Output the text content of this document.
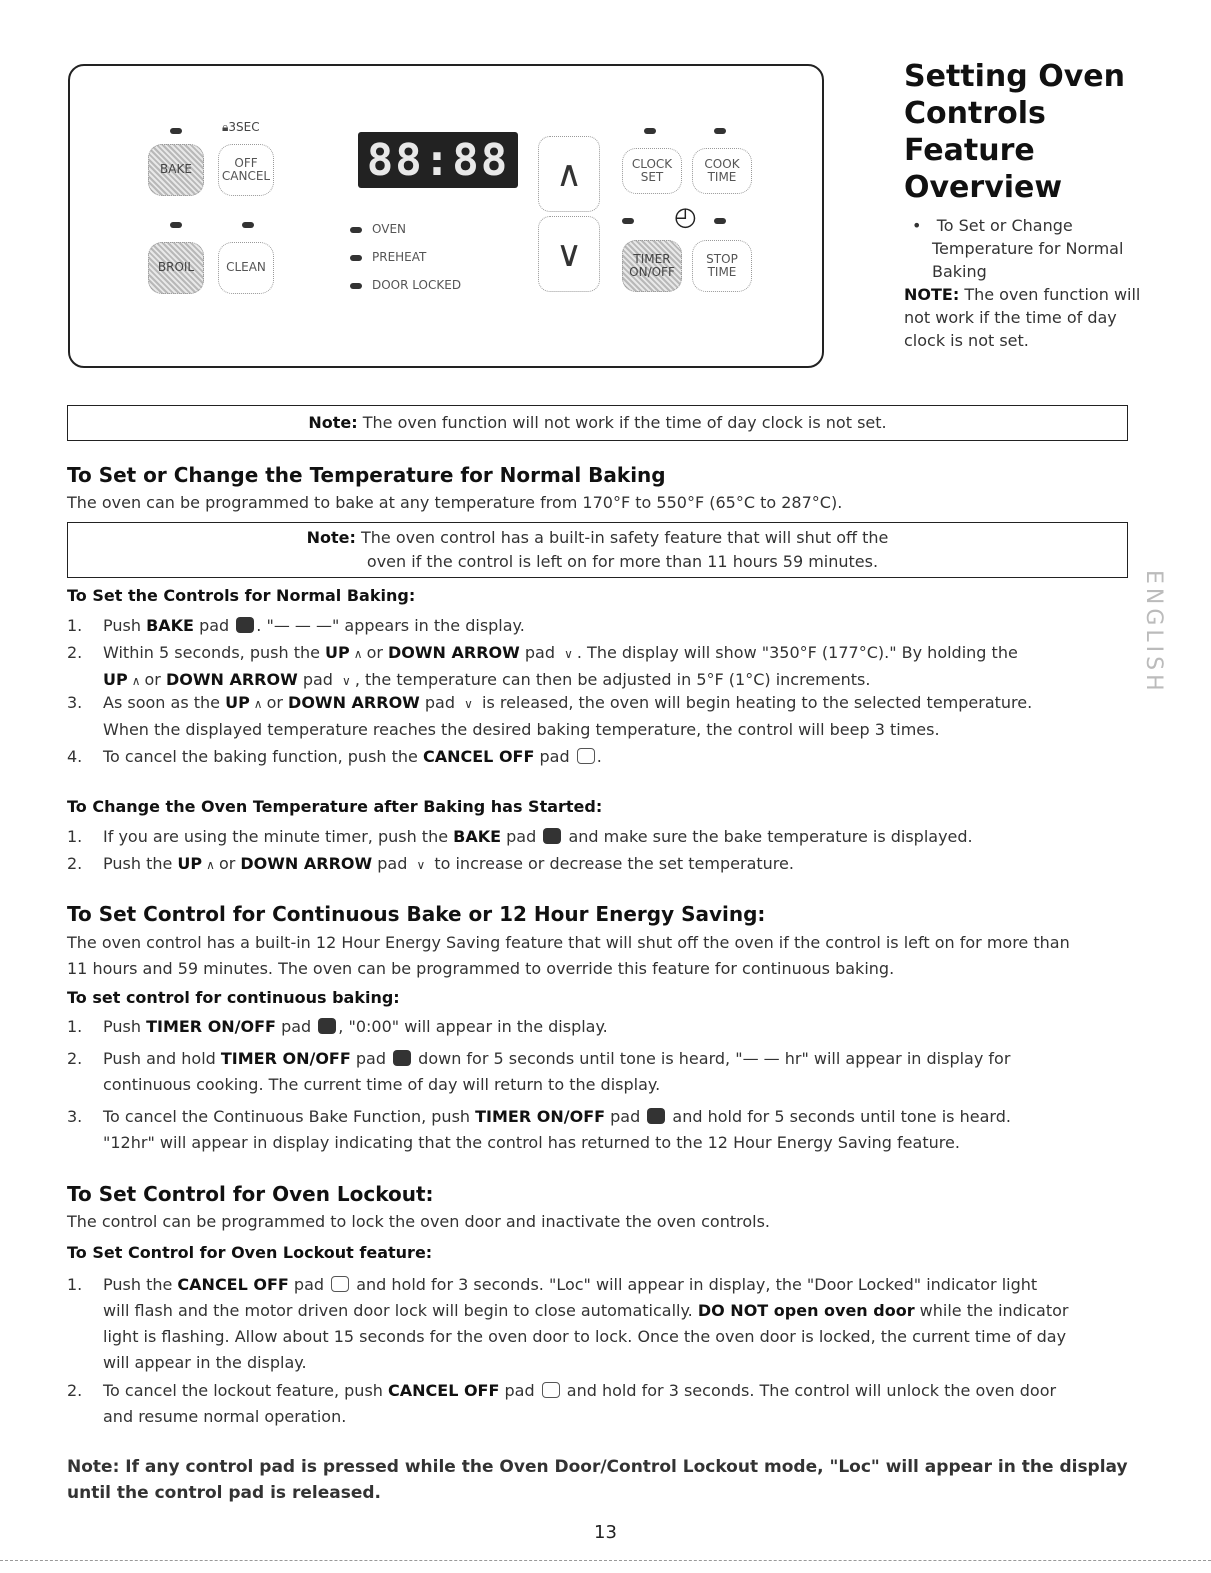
🔒︎3SEC
BAKE	OFF
CANCEL
BROIL	CLEAN
88:88
OVEN
PREHEAT
DOOR LOCKED
∧
∨
CLOCK
SET
COOK
TIME
◴
TIMER
ON/OFF
STOP
TIME
Setting Oven Controls Feature Overview
•   To Set or Change Temperature for Normal Baking
NOTE: The oven function will not work if the time of day clock is not set.
Note: The oven function will not work if the time of day clock is not set.
To Set or Change the Temperature for Normal Baking
The oven can be programmed to bake at any temperature from 170°F to 550°F (65°C to 287°C).
Note: The oven control has a built-in safety feature that will shut off the
oven if the control is left on for more than 11 hours 59 minutes.
To Set the Controls for Normal Baking:
1. Push BAKE pad . "— — —" appears in the display.
2. Within 5 seconds, push the UP ∧ or DOWN ARROW pad ∨ . The display will show "350°F (177°C)." By holding the
UP ∧ or DOWN ARROW pad ∨ , the temperature can then be adjusted in 5°F (1°C) increments.
3. As soon as the UP ∧ or DOWN ARROW pad ∨ is released, the oven will begin heating to the selected temperature.
When the displayed temperature reaches the desired baking temperature, the control will beep 3 times.
4. To cancel the baking function, push the CANCEL OFF pad .
To Change the Oven Temperature after Baking has Started:
1. If you are using the minute timer, push the BAKE pad  and make sure the bake temperature is displayed.
2. Push the UP ∧ or DOWN ARROW pad ∨ to increase or decrease the set temperature.
To Set Control for Continuous Bake or 12 Hour Energy Saving:
The oven control has a built-in 12 Hour Energy Saving feature that will shut off the oven if the control is left on for more than
11 hours and 59 minutes. The oven can be programmed to override this feature for continuous baking.
To set control for continuous baking:
1. Push TIMER ON/OFF pad , "0:00" will appear in the display.
2. Push and hold TIMER ON/OFF pad  down for 5 seconds until tone is heard, "— — hr" will appear in display for
continuous cooking. The current time of day will return to the display.
3. To cancel the Continuous Bake Function, push TIMER ON/OFF pad  and hold for 5 seconds until tone is heard.
"12hr" will appear in display indicating that the control has returned to the 12 Hour Energy Saving feature.
To Set Control for Oven Lockout:
The control can be programmed to lock the oven door and inactivate the oven controls.
To Set Control for Oven Lockout feature:
1. Push the CANCEL OFF pad  and hold for 3 seconds. "Loc" will appear in display, the "Door Locked" indicator light
will flash and the motor driven door lock will begin to close automatically. DO NOT open oven door while the indicator
light is flashing. Allow about 15 seconds for the oven door to lock. Once the oven door is locked, the current time of day
will appear in the display.
2. To cancel the lockout feature, push CANCEL OFF pad  and hold for 3 seconds. The control will unlock the oven door
and resume normal operation.
Note: If any control pad is pressed while the Oven Door/Control Lockout mode, "Loc" will appear in the display
until the control pad is released.
ENGLISH
13
